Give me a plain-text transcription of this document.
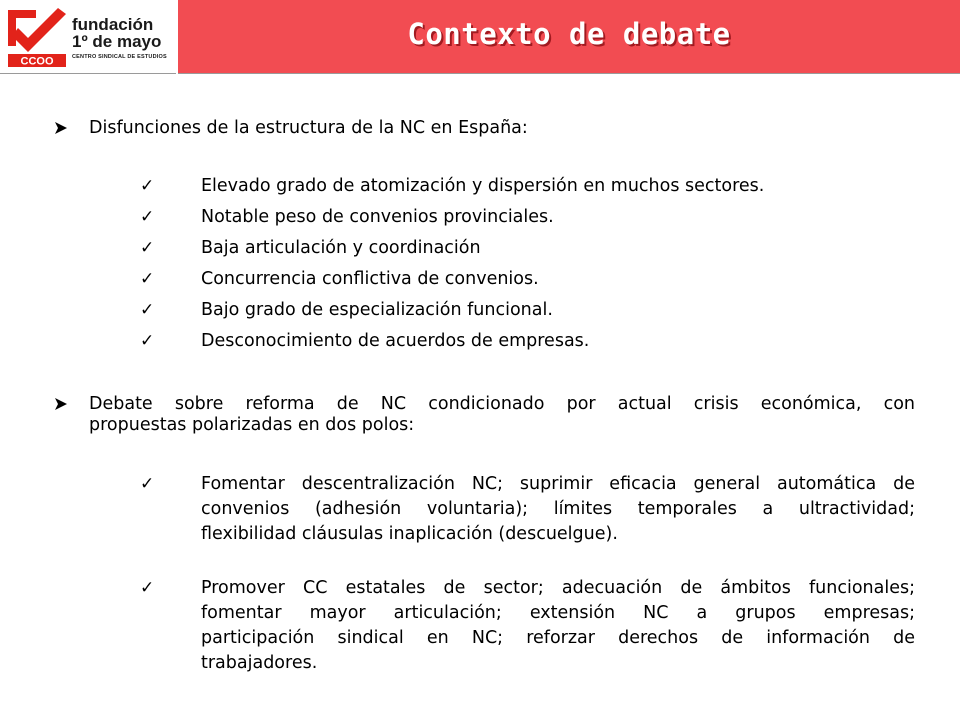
CCOO
fundación
1º de mayo
CENTRO SINDICAL DE ESTUDIOS
Contexto de debate
Disfunciones de la estructura de la NC en España:
✓	Elevado grado de atomización y dispersión en muchos sectores.
✓	Notable peso de convenios provinciales.
✓	Baja articulación y coordinación
✓	Concurrencia conflictiva de convenios.
✓	Bajo grado de especialización funcional.
✓	Desconocimiento de acuerdos de empresas.
Debate sobre reforma de NC condicionado por actual crisis económica, con
propuestas polarizadas en dos polos:
✓	Fomentar descentralización NC; suprimir eficacia general automática de
convenios (adhesión voluntaria); límites temporales a ultractividad;
flexibilidad cláusulas inaplicación (descuelgue).
✓	Promover CC estatales de sector; adecuación de ámbitos funcionales;
fomentar mayor articulación; extensión NC a grupos empresas;
participación sindical en NC; reforzar derechos de información de
trabajadores.
